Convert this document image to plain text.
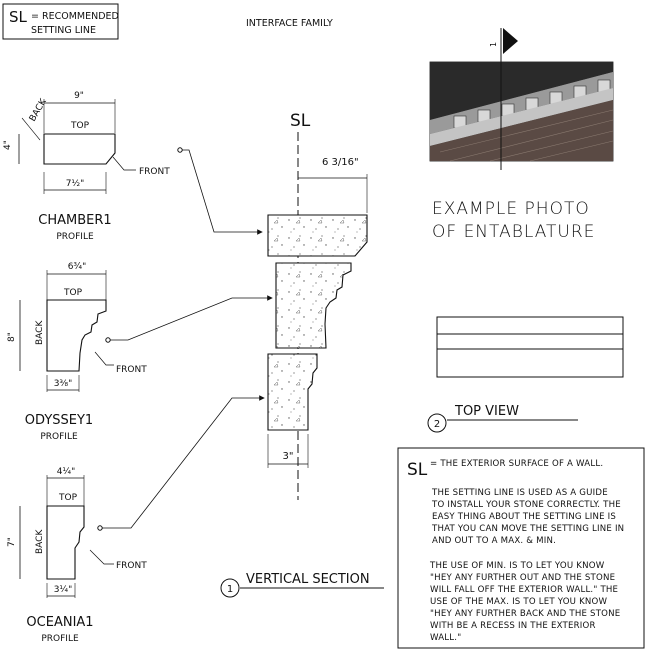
SL = RECOMMENDED
SETTING LINE
INTERFACE FAMILY
9"
BACK
4"
TOP
7½"
FRONT
CHAMBER1
PROFILE
6¾"
8"
TOP
BACK
3⅜"
FRONT
ODYSSEY1
PROFILE
4¼"
7"
TOP
BACK
3¼"
FRONT
OCEANIA1
PROFILE
SL
6 3/16"
3"
1
VERTICAL SECTION
1
EXAMPLE PHOTO
OF ENTABLATURE
2
TOP VIEW
SL = THE EXTERIOR SURFACE OF A WALL.
THE SETTING LINE IS USED AS A GUIDE
TO INSTALL YOUR STONE CORRECTLY. THE
EASY THING ABOUT THE SETTING LINE IS
THAT YOU CAN MOVE THE SETTING LINE IN
AND OUT TO A MAX. & MIN.
THE USE OF MIN. IS TO LET YOU KNOW
"HEY ANY FURTHER OUT AND THE STONE
WILL FALL OFF THE EXTERIOR WALL." THE
USE OF THE MAX. IS TO LET YOU KNOW
"HEY ANY FURTHER BACK AND THE STONE
WITH BE A RECESS IN THE EXTERIOR
WALL."
